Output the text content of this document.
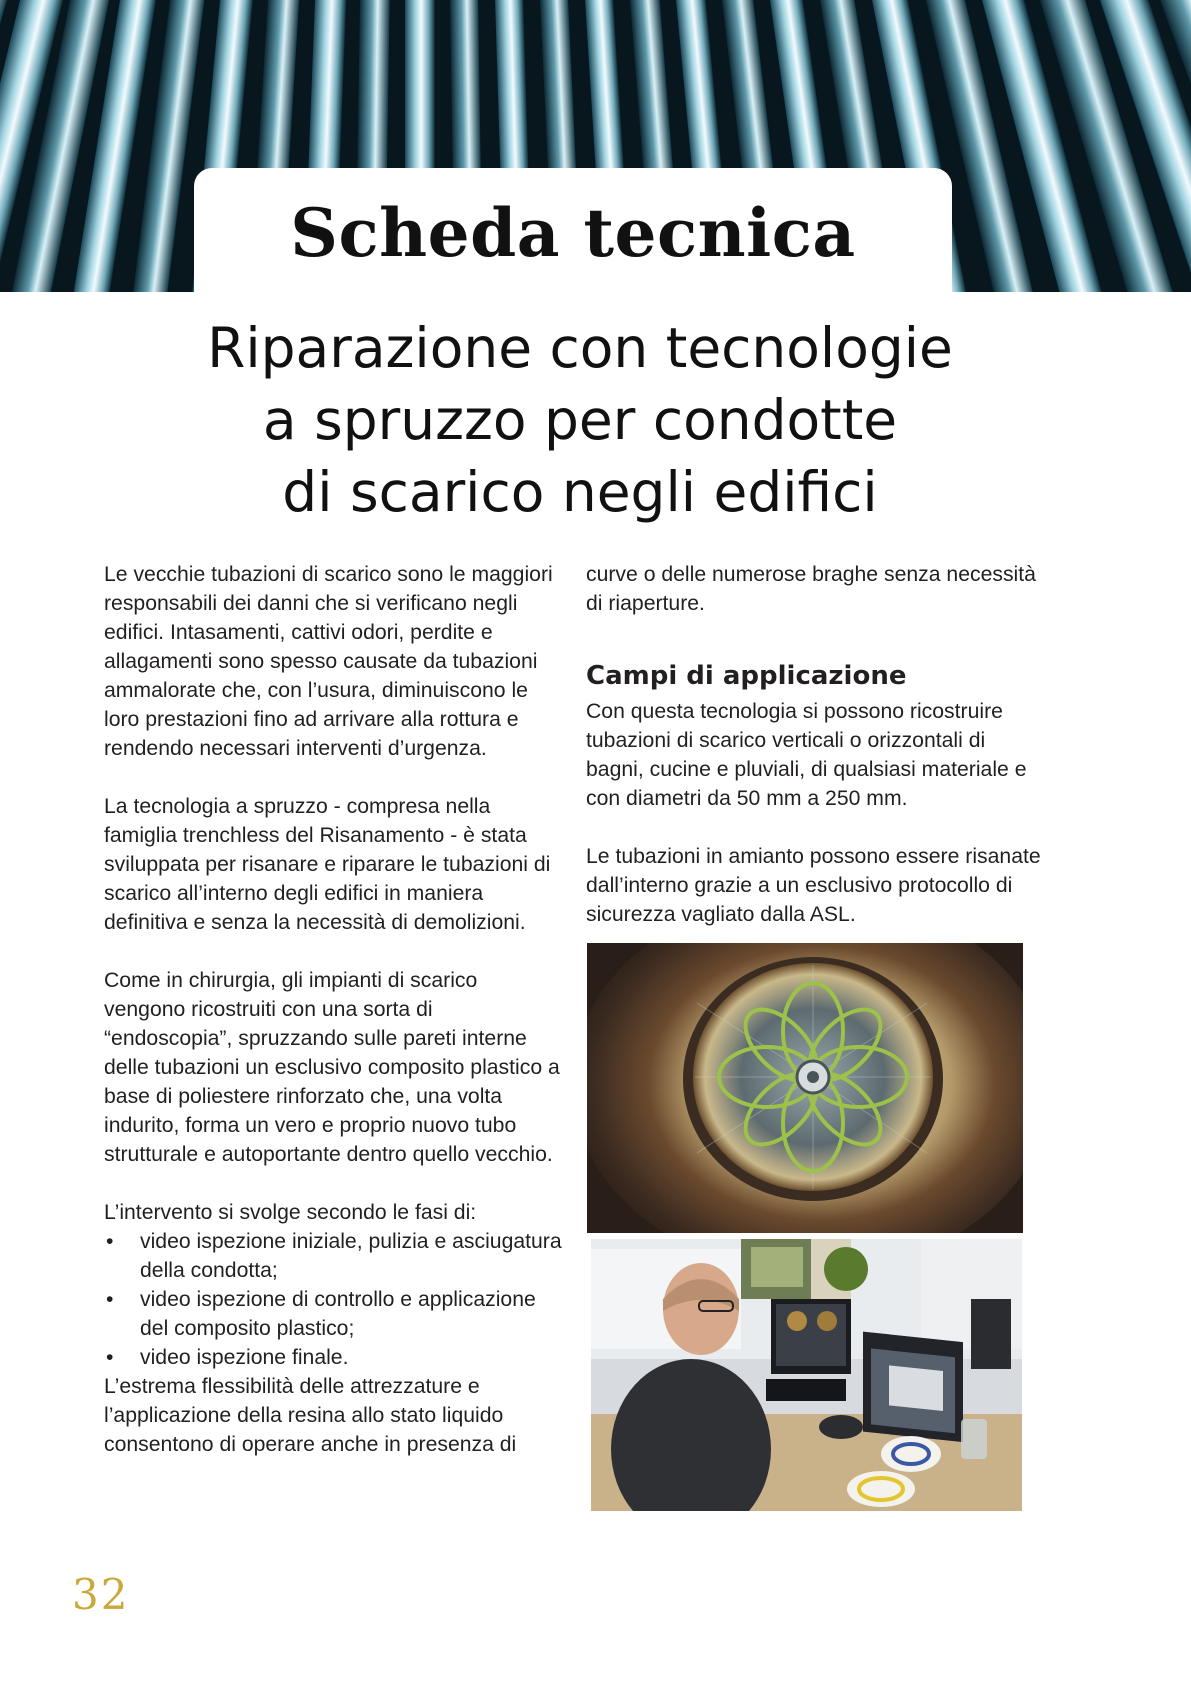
Scheda tecnica
Riparazione con tecnologie
a spruzzo per condotte
di scarico negli edifici

Le vecchie tubazioni di scarico sono le maggiori responsabili dei danni che si verificano negli edifici. Intasamenti, cattivi odori, perdite e allagamenti sono spesso causate da tubazioni ammalorate che, con l’usura, diminuiscono le loro prestazioni fino ad arrivare alla rottura e rendendo necessari interventi d’urgenza.

La tecnologia a spruzzo - compresa nella famiglia trenchless del Risanamento - è stata sviluppata per risanare e riparare le tubazioni di scarico all’interno degli edifici in maniera definitiva e senza la necessità di demolizioni.

Come in chirurgia, gli impianti di scarico vengono ricostruiti con una sorta di “endoscopia”, spruzzando sulle pareti interne delle tubazioni un esclusivo composito plastico a base di poliestere rinforzato che, una volta indurito, forma un vero e proprio nuovo tubo strutturale e autoportante dentro quello vecchio.

L’intervento si svolge secondo le fasi di:

• video ispezione iniziale, pulizia e asciugatura della condotta;
• video ispezione di controllo e applicazione del composito plastico;
• video ispezione finale.

L’estrema flessibilità delle attrezzature e l’applicazione della resina allo stato liquido consentono di operare anche in presenza di

curve o delle numerose braghe senza necessità di riaperture.

Campi di applicazione

Con questa tecnologia si possono ricostruire tubazioni di scarico verticali o orizzontali di bagni, cucine e pluviali, di qualsiasi materiale e con diametri da 50 mm a 250 mm.

Le tubazioni in amianto possono essere risanate dall’interno grazie a un esclusivo protocollo di sicurezza vagliato dalla ASL.

32
